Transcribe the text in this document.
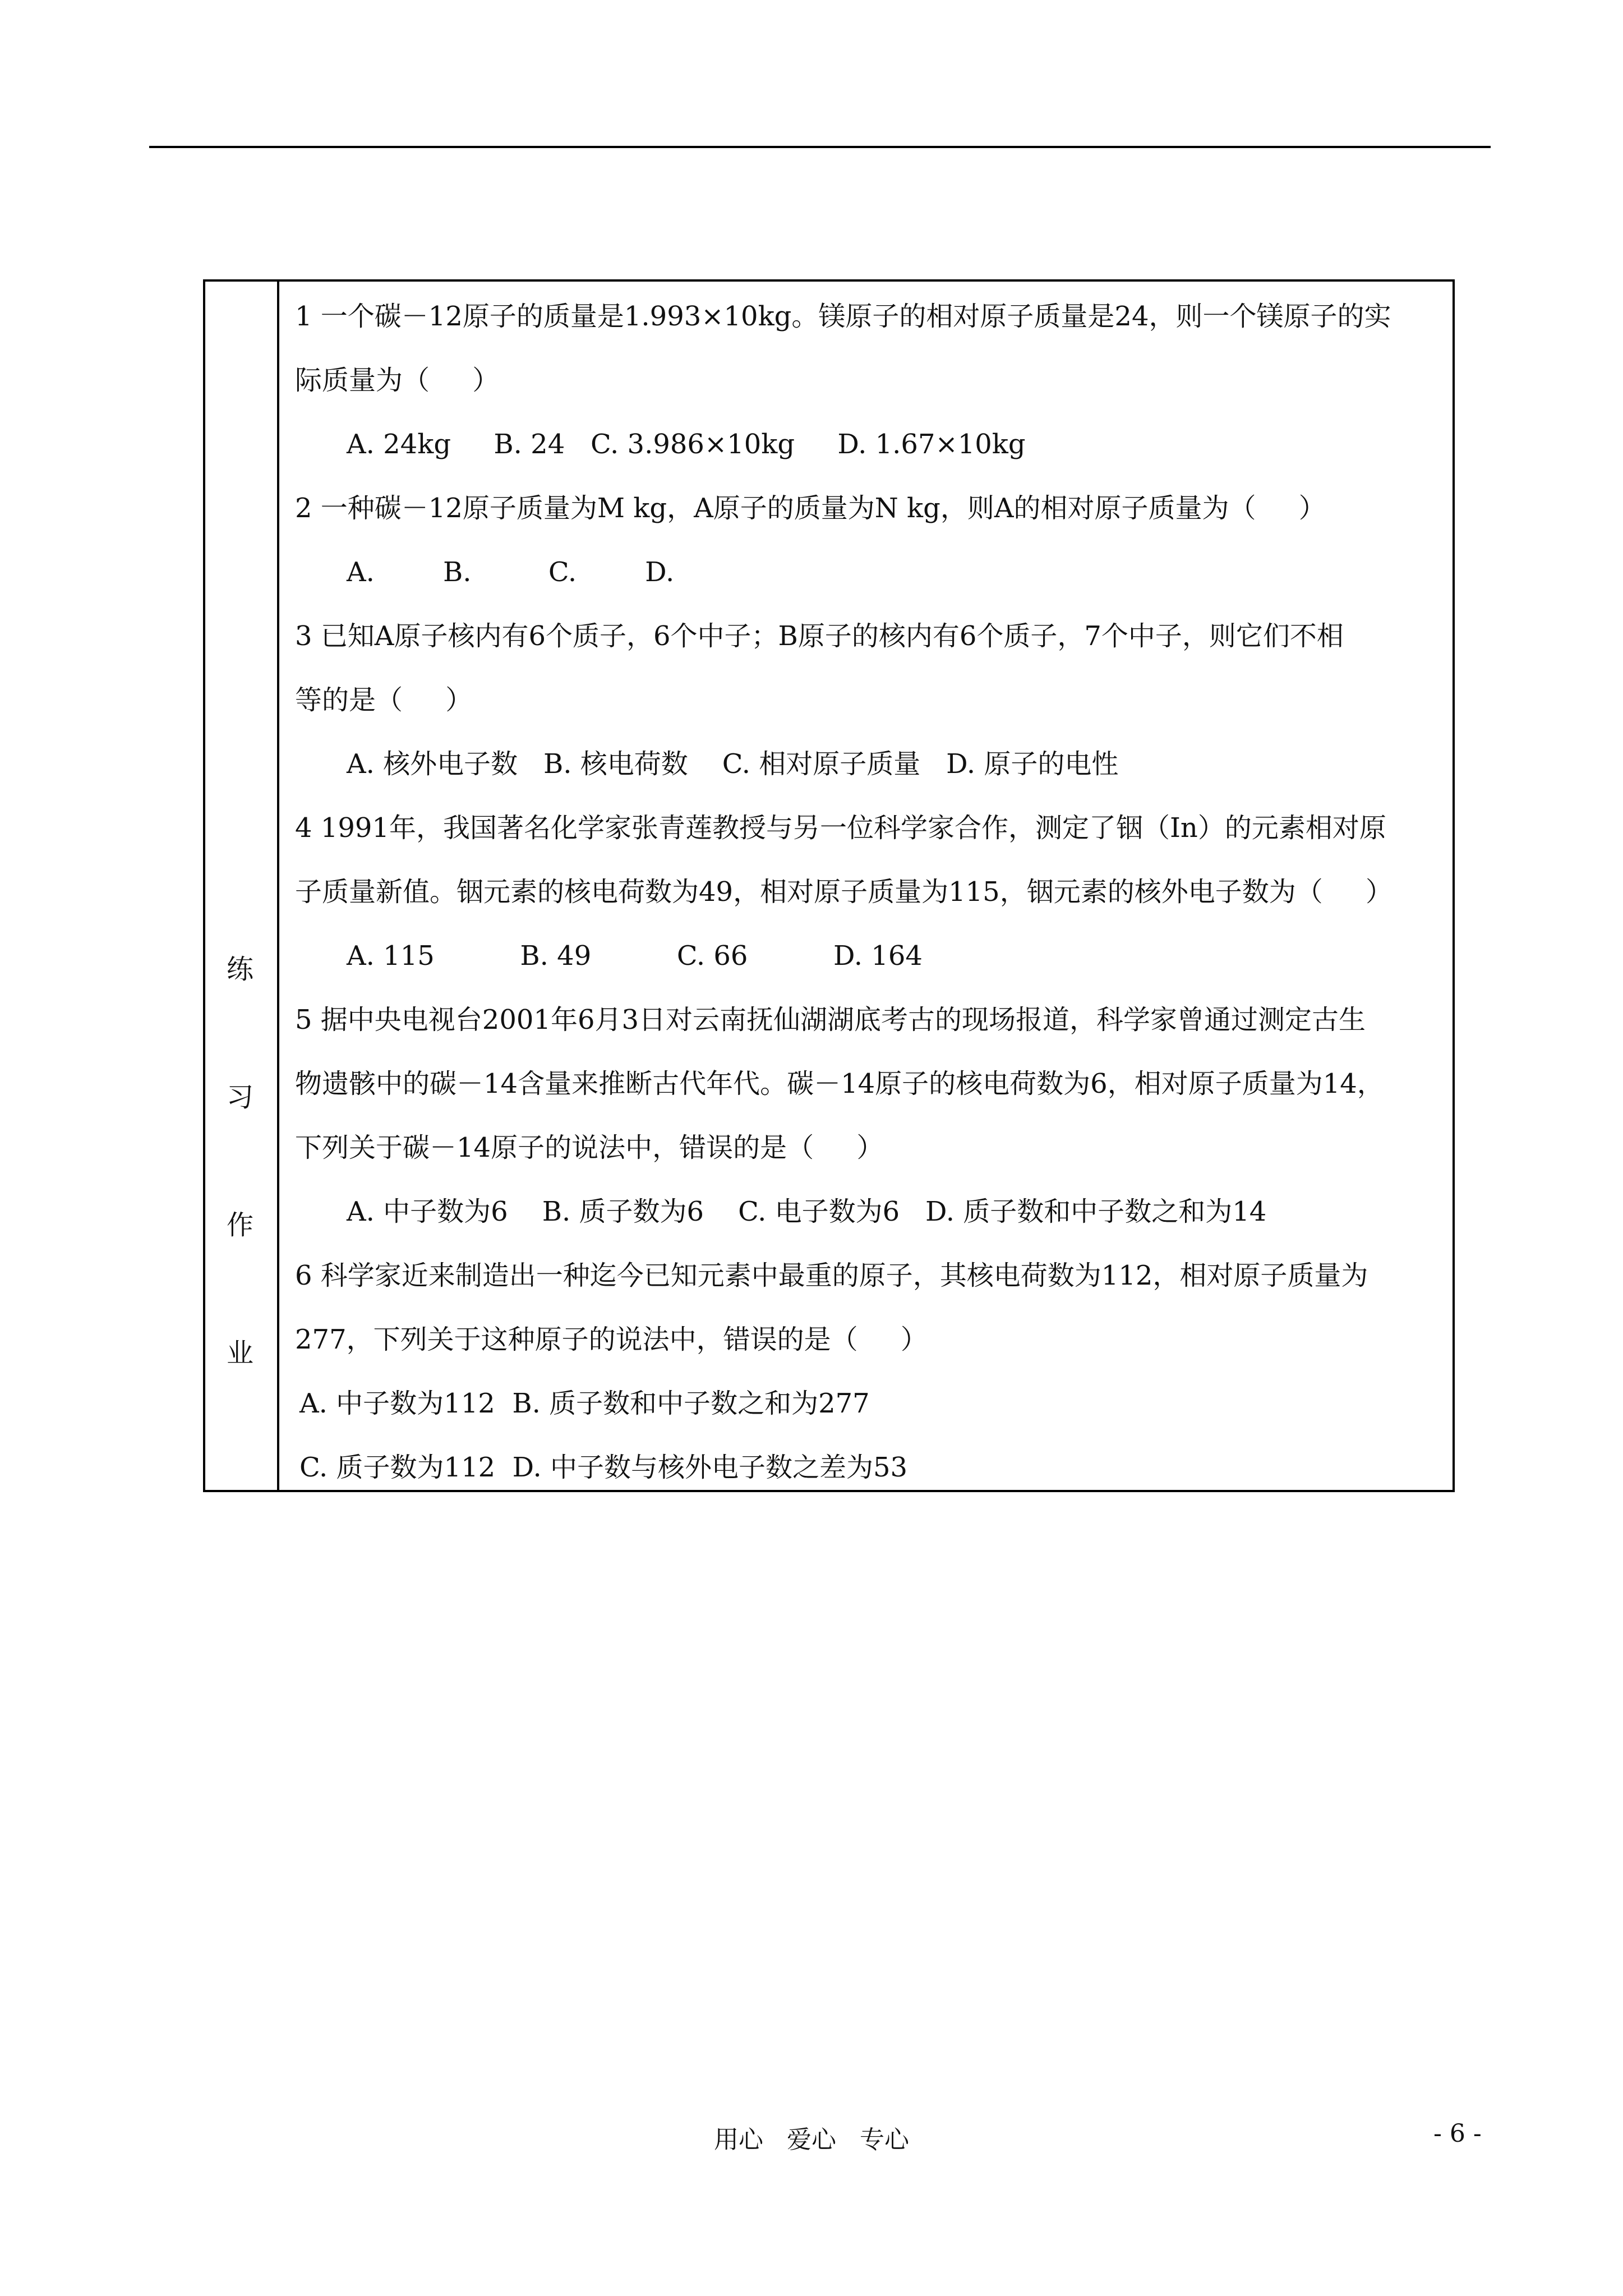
练
习
作
业
1 一个碳－12原子的质量是1.993×10kg。镁原子的相对原子质量是24，则一个镁原子的实
际质量为（     ）
A. 24kg     B. 24   C. 3.986×10kg     D. 1.67×10kg
2 一种碳－12原子质量为M kg，A原子的质量为N kg，则A的相对原子质量为（     ）
A.        B.         C.        D.
3 已知A原子核内有6个质子，6个中子；B原子的核内有6个质子，7个中子，则它们不相
等的是（     ）
A. 核外电子数   B. 核电荷数    C. 相对原子质量   D. 原子的电性
4 1991年，我国著名化学家张青莲教授与另一位科学家合作，测定了铟（In）的元素相对原
子质量新值。铟元素的核电荷数为49，相对原子质量为115，铟元素的核外电子数为（     ）
A. 115          B. 49          C. 66          D. 164
5 据中央电视台2001年6月3日对云南抚仙湖湖底考古的现场报道，科学家曾通过测定古生
物遗骸中的碳－14含量来推断古代年代。碳－14原子的核电荷数为6，相对原子质量为14，
下列关于碳－14原子的说法中，错误的是（     ）
A. 中子数为6    B. 质子数为6    C. 电子数为6   D. 质子数和中子数之和为14
6 科学家近来制造出一种迄今已知元素中最重的原子，其核电荷数为112，相对原子质量为
277，下列关于这种原子的说法中，错误的是（     ）
A. 中子数为112  B. 质子数和中子数之和为277
C. 质子数为112  D. 中子数与核外电子数之差为53
用心   爱心   专心	- 6 -
